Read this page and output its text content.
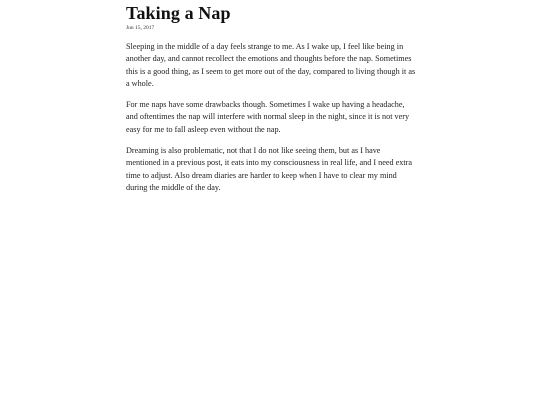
Taking a Nap
Jun 15, 2017

Sleeping in the middle of a day feels strange to me. As I wake up, I feel like being in another day, and cannot recollect the emotions and thoughts before the nap. Sometimes this is a good thing, as I seem to get more out of the day, compared to living though it as a whole.

For me naps have some drawbacks though. Sometimes I wake up having a headache, and oftentimes the nap will interfere with normal sleep in the night, since it is not very easy for me to fall asleep even without the nap.

Dreaming is also problematic, not that I do not like seeing them, but as I have mentioned in a previous post, it eats into my consciousness in real life, and I need extra time to adjust. Also dream diaries are harder to keep when I have to clear my mind during the middle of the day.
